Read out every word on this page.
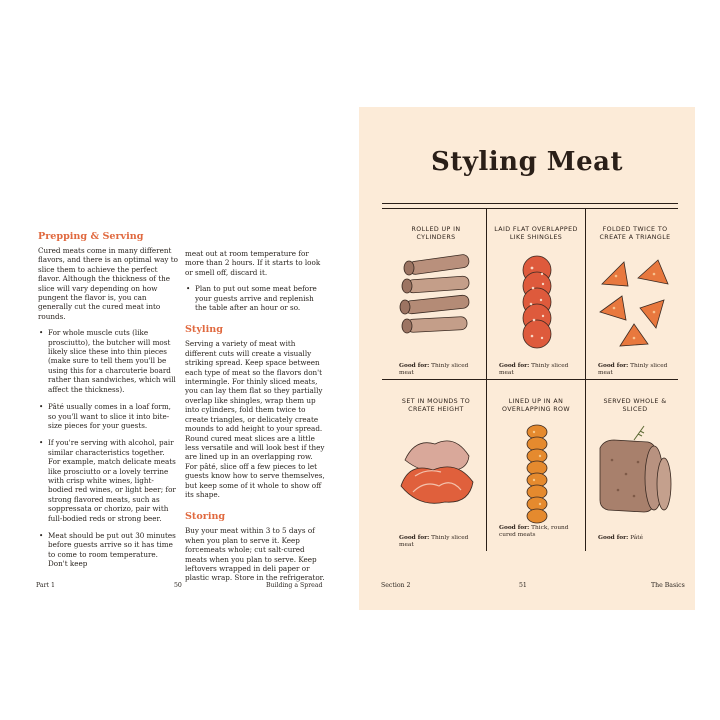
Prepping & Serving

Cured meats come in many different flavors, and there is an optimal way to slice them to achieve the perfect flavor. Although the thickness of the slice will vary depending on how pungent the flavor is, you can generally cut the cured meat into rounds.

• For whole muscle cuts (like prosciutto), the butcher will most likely slice these into thin pieces (make sure to tell them you'll be using this for a charcuterie board rather than sandwiches, which will affect the thickness).
• Pâté usually comes in a loaf form, so you'll want to slice it into bite-size pieces for your guests.
• If you're serving with alcohol, pair similar characteristics together. For example, match delicate meats like prosciutto or a lovely terrine with crisp white wines, light-bodied red wines, or light beer; for strong flavored meats, such as soppressata or chorizo, pair with full-bodied reds or strong beer.
• Meat should be put out 30 minutes before guests arrive so it has time to come to room temperature. Don't keep

meat out at room temperature for more than 2 hours. If it starts to look or smell off, discard it.

• Plan to put out some meat before your guests arrive and replenish the table after an hour or so.
Styling

Serving a variety of meat with different cuts will create a visually striking spread. Keep space between each type of meat so the flavors don't intermingle. For thinly sliced meats, you can lay them flat so they partially overlap like shingles, wrap them up into cylinders, fold them twice to create triangles, or delicately create mounds to add height to your spread. Round cured meat slices are a little less versatile and will look best if they are lined up in an overlapping row. For pâté, slice off a few pieces to let guests know how to serve themselves, but keep some of it whole to show off its shape.

Storing

Buy your meat within 3 to 5 days of when you plan to serve it. Keep forcemeats whole; cut salt-cured meats when you plan to serve. Keep leftovers wrapped in deli paper or plastic wrap. Store in the refrigerator.

Part 1	50	Building a Spread
Styling Meat
ROLLED UP IN CYLINDERS
Good for: Thinly sliced meat
LAID FLAT OVERLAPPED LIKE SHINGLES
Good for: Thinly sliced meat
FOLDED TWICE TO CREATE A TRIANGLE
Good for: Thinly sliced meat
SET IN MOUNDS TO CREATE HEIGHT
Good for: Thinly sliced meat
LINED UP IN AN OVERLAPPING ROW
Good for: Thick, round cured meats
SERVED WHOLE & SLICED
Good for: Pâté
Section 2	51	The Basics
